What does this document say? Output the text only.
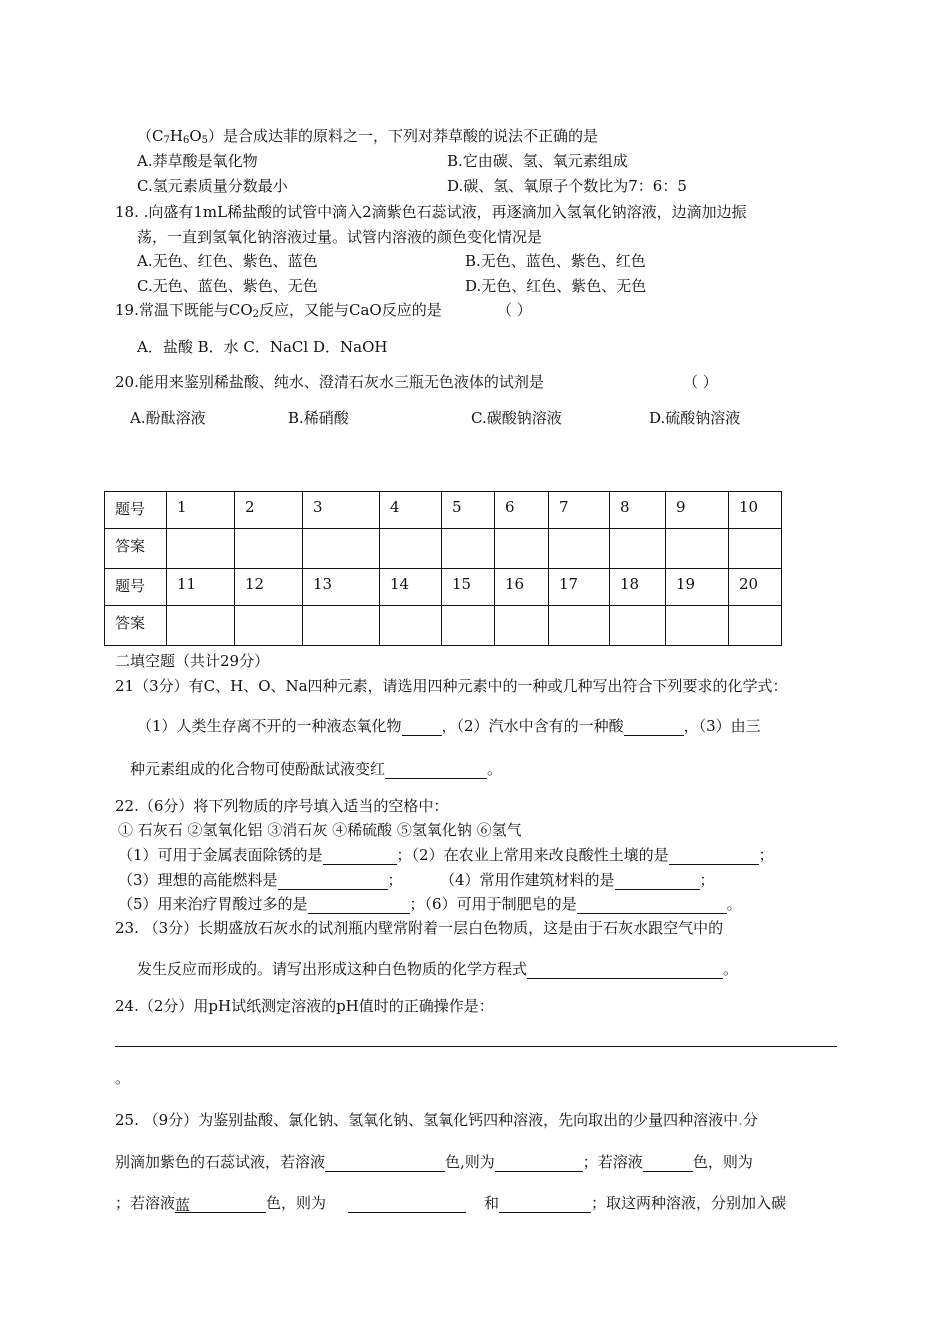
$(C_7H_6O_5)$是合成达菲的原料之一，下列对莽草酸的说法不正确的是
A.莽草酸是氧化物	B.它由碳、氢、氧元素组成
C.氢元素质量分数最小	D.碳、氢、氧原子个数比为7：6：5
18. .向盛有1mL稀盐酸的试管中滴入2滴紫色石蕊试液，再逐滴加入氢氧化钠溶液，边滴加边振
荡，一直到氢氧化钠溶液过量。试管内溶液的颜色变化情况是
A.无色、红色、紫色、蓝色	B.无色、蓝色、紫色、红色
C.无色、蓝色、紫色、无色	D.无色、红色、紫色、无色
19.常温下既能与$CO_2$反应，又能与CaO反应的是	（ ）
A．盐酸 B．水 C．NaCl D．NaOH
20.能用来鉴别稀盐酸、纯水、澄清石灰水三瓶无色液体的试剂是	（ ）
A.酚酞溶液	B.稀硝酸	C.碳酸钠溶液	D.硫酸钠溶液
题号	1	2	3	4	5	6	7	8	9	10
答案										
题号	11	12	13	14	15	16	17	18	19	20
答案										
二填空题（共计29分）
21（3分）有C、H、O、Na四种元素，请选用四种元素中的一种或几种写出符合下列要求的化学式：
（1）人类生存离不开的一种液态氧化物	，（2）汽水中含有的一种酸	，（3）由三
种元素组成的化合物可使酚酞试液变红	。
22.（6分）将下列物质的序号填入适当的空格中：
① 石灰石 ②氢氧化铝 ③消石灰 ④稀硫酸 ⑤氢氧化钠 ⑥氢气
（1）可用于金属表面除锈的是	；（2）在农业上常用来改良酸性土壤的是	；
（3）理想的高能燃料是	； （4）常用作建筑材料的是	；
（5）用来治疗胃酸过多的是	；（6）可用于制肥皂的是	。
23. （3分）长期盛放石灰水的试剂瓶内壁常附着一层白色物质，这是由于石灰水跟空气中的
发生反应而形成的。请写出形成这种白色物质的化学方程式	。
24.（2分）用pH试纸测定溶液的pH值时的正确操作是：
。
25. （9分）为鉴别盐酸、氯化钠、氢氧化钠、氢氧化钙四种溶液，先向取出的少量四种溶液中.分
别滴加紫色的石蕊试液，若溶液	色,则为	；若溶液	色，则为
；若溶液蓝	色，则为	和	；取这两种溶液，分别加入碳
